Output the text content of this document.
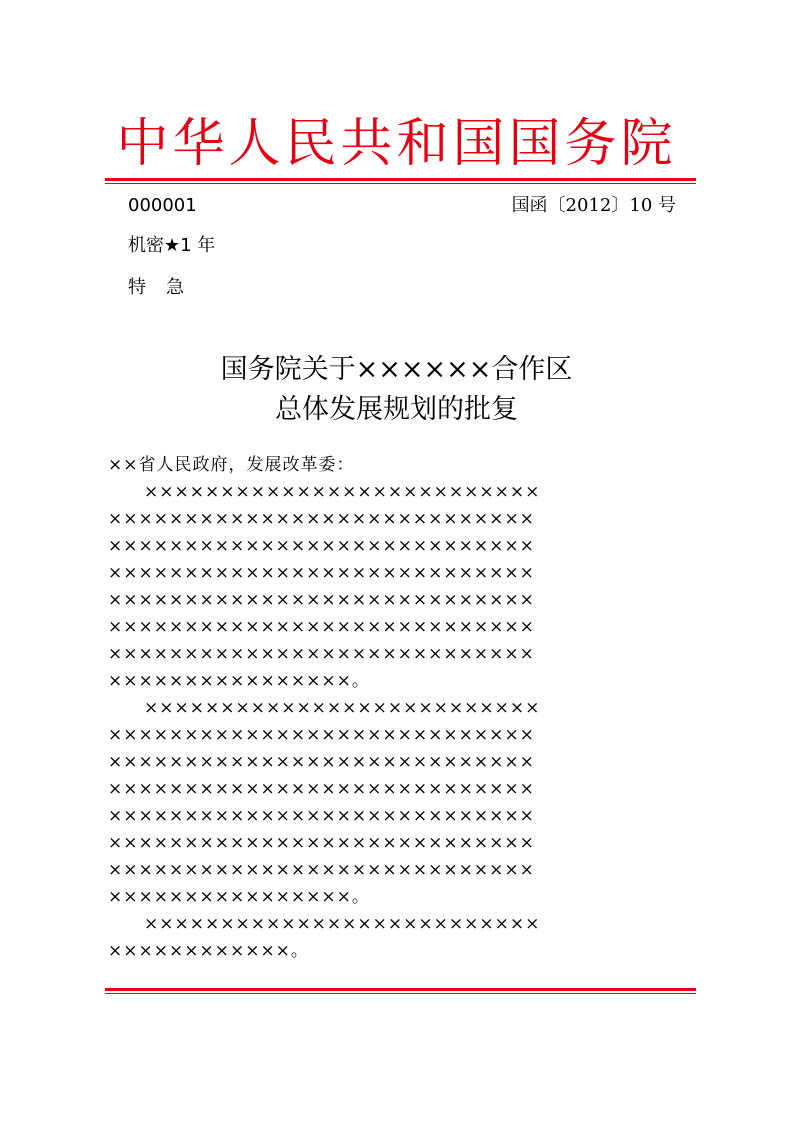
中华人民共和国国务院
000001	国函〔2012〕10 号
机密★1 年
特　急
国务院关于××××××合作区
总体发展规划的批复

××省人民政府，发展改革委：

　　××××××××××××××××××××××××××

××××××××××××××××××××××××××××

××××××××××××××××××××××××××××

××××××××××××××××××××××××××××

××××××××××××××××××××××××××××

××××××××××××××××××××××××××××

××××××××××××××××××××××××××××

××××××××××××××××。

　　××××××××××××××××××××××××××

××××××××××××××××××××××××××××

××××××××××××××××××××××××××××

××××××××××××××××××××××××××××

××××××××××××××××××××××××××××

××××××××××××××××××××××××××××

××××××××××××××××××××××××××××

××××××××××××××××。

　　××××××××××××××××××××××××××

××××××××××××。
